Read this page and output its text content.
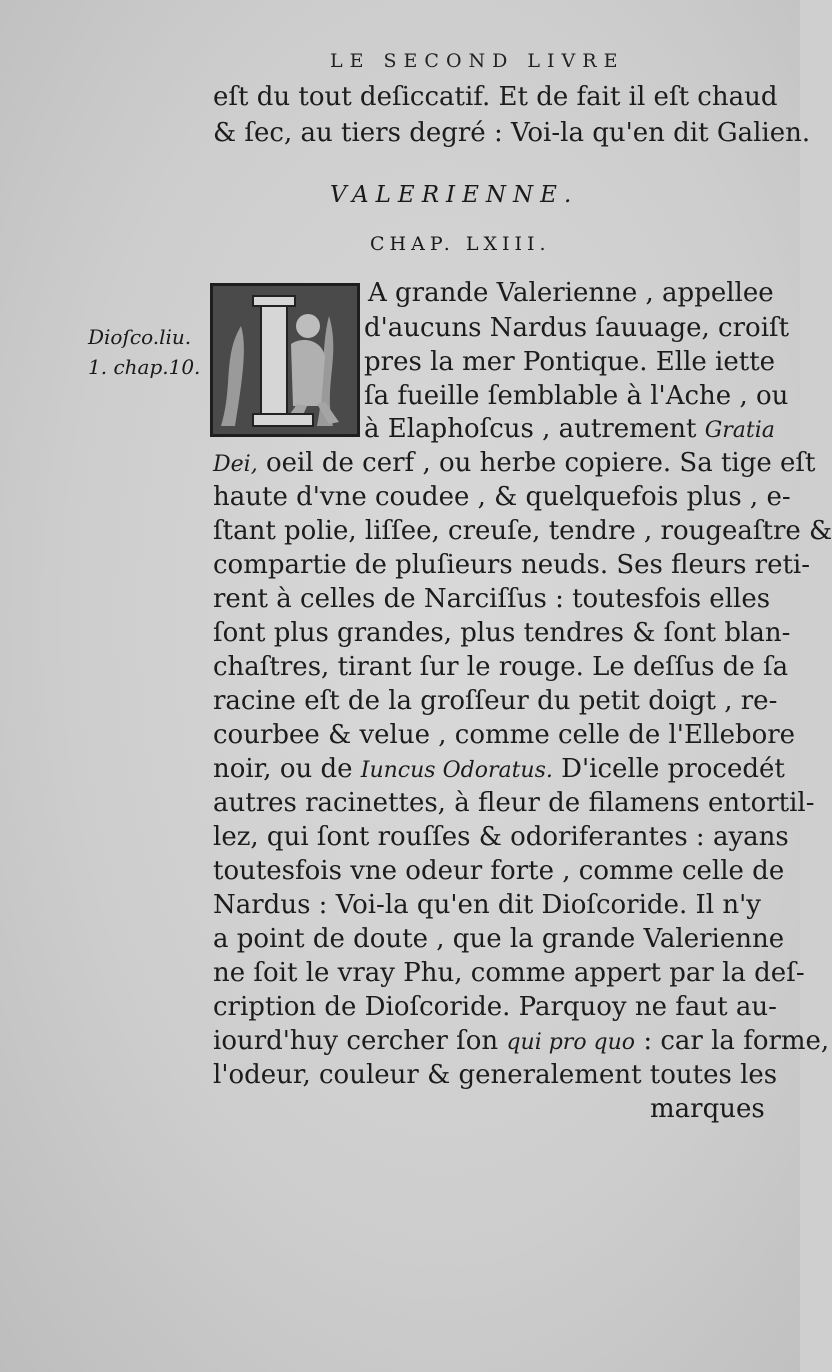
LE SECOND LIVRE
eſt du tout deſiccatif. Et de fait il eſt chaud
& ſec, au tiers degré : Voi-la qu'en dit Galien.
VALERIENNE.
CHAP. LXIII.
Dioſco.liu.
1. chap.10.
L
A grande Valerienne , appellee
d'aucuns Nardus ſauuage, croiſt
pres la mer Pontique. Elle iette
ſa fueille ſemblable à l'Ache , ou
à Elaphoſcus , autrement Gratia
Dei, oeil de cerf , ou herbe copiere. Sa tige eſt
haute d'vne coudee , & quelquefois plus , e-
ſtant polie, liſſee, creuſe, tendre , rougeaſtre &
compartie de pluſieurs neuds. Ses fleurs reti-
rent à celles de Narciſſus : toutesfois elles
ſont plus grandes, plus tendres & ſont blan-
chaſtres, tirant ſur le rouge. Le deſſus de ſa
racine eſt de la groſſeur du petit doigt , re-
courbee & velue , comme celle de l'Ellebore
noir, ou de Iuncus Odoratus. D'icelle procedét
autres racinettes, à fleur de filamens entortil-
lez, qui ſont rouſſes & odoriferantes : ayans
toutesfois vne odeur forte , comme celle de
Nardus : Voi-la qu'en dit Dioſcoride. Il n'y
a point de doute , que la grande Valerienne
ne ſoit le vray Phu, comme appert par la deſ-
cription de Dioſcoride. Parquoy ne faut au-
iourd'huy cercher ſon qui pro quo : car la forme,
l'odeur, couleur & generalement toutes les
marques
